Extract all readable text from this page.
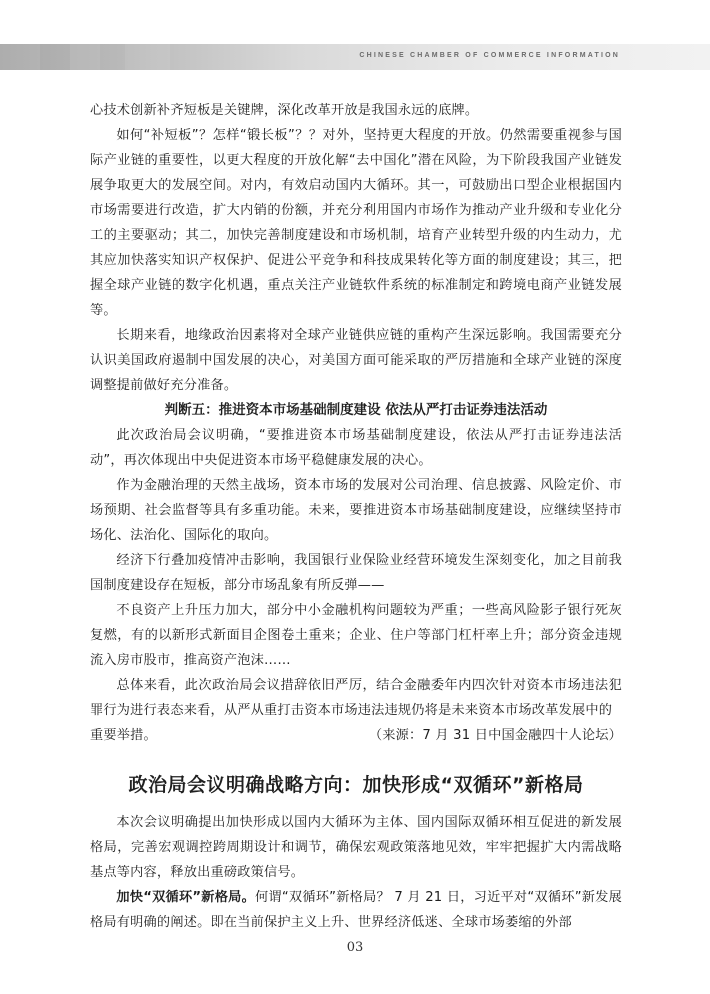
CHINESE CHAMBER OF COMMERCE INFORMATION

心技术创新补齐短板是关键牌，深化改革开放是我国永远的底牌。

如何“补短板”？怎样“锻长板”？？对外，坚持更大程度的开放。仍然需要重视参与国际产业链的重要性，以更大程度的开放化解“去中国化”潜在风险，为下阶段我国产业链发展争取更大的发展空间。对内，有效启动国内大循环。其一，可鼓励出口型企业根据国内市场需要进行改造，扩大内销的份额，并充分利用国内市场作为推动产业升级和专业化分工的主要驱动；其二，加快完善制度建设和市场机制，培育产业转型升级的内生动力，尤其应加快落实知识产权保护、促进公平竞争和科技成果转化等方面的制度建设；其三，把握全球产业链的数字化机遇，重点关注产业链软件系统的标准制定和跨境电商产业链发展等。

长期来看，地缘政治因素将对全球产业链供应链的重构产生深远影响。我国需要充分认识美国政府遏制中国发展的决心，对美国方面可能采取的严厉措施和全球产业链的深度调整提前做好充分准备。

判断五：推进资本市场基础制度建设 依法从严打击证券违法活动

此次政治局会议明确，“要推进资本市场基础制度建设，依法从严打击证券违法活动”，再次体现出中央促进资本市场平稳健康发展的决心。

作为金融治理的天然主战场，资本市场的发展对公司治理、信息披露、风险定价、市场预期、社会监督等具有多重功能。未来，要推进资本市场基础制度建设，应继续坚持市场化、法治化、国际化的取向。

经济下行叠加疫情冲击影响，我国银行业保险业经营环境发生深刻变化，加之目前我国制度建设存在短板，部分市场乱象有所反弹——

不良资产上升压力加大，部分中小金融机构问题较为严重；一些高风险影子银行死灰复燃，有的以新形式新面目企图卷土重来；企业、住户等部门杠杆率上升；部分资金违规流入房市股市，推高资产泡沫……

总体来看，此次政治局会议措辞依旧严厉，结合金融委年内四次针对资本市场违法犯罪行为进行表态来看，从严从重打击资本市场违法违规仍将是未来资本市场改革发展中的

重要举措。	（来源：7 月 31 日中国金融四十人论坛）
政治局会议明确战略方向：加快形成“双循环”新格局

本次会议明确提出加快形成以国内大循环为主体、国内国际双循环相互促进的新发展格局，完善宏观调控跨周期设计和调节，确保宏观政策落地见效，牢牢把握扩大内需战略基点等内容，释放出重磅政策信号。

加快“双循环”新格局。何谓“双循环”新格局？ 7 月 21 日，习近平对“双循环”新发展格局有明确的阐述。即在当前保护主义上升、世界经济低迷、全球市场萎缩的外部

03
